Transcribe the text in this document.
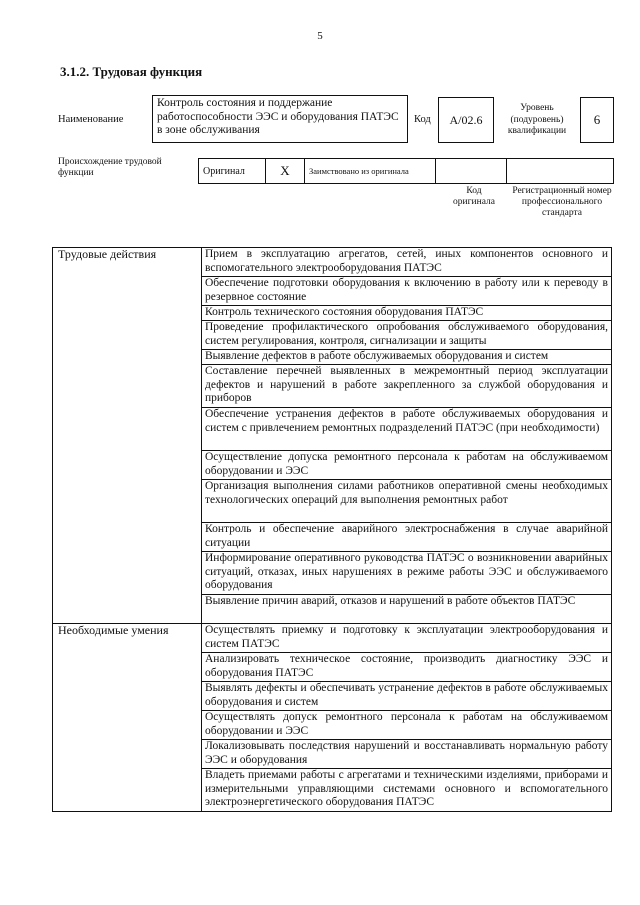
5
3.1.2. Трудовая функция
Наименование
Контроль состояния и поддержание работоспособности ЭЭС и оборудования ПАТЭС в зоне обслуживания
Код A/02.6
Уровень (подуровень) квалификации
6
Происхождение трудовой функции	Оригинал	X	Заимствовано из оригинала		
Код оригинала
Регистрационный номер профессионального стандарта
Трудовые действия	Прием в эксплуатацию агрегатов, сетей, иных компонентов основного и вспомогательного электрооборудования ПАТЭС
	Обеспечение подготовки оборудования к включению в работу или к переводу в резервное состояние
	Контроль технического состояния оборудования ПАТЭС
	Проведение профилактического опробования обслуживаемого оборудования, систем регулирования, контроля, сигнализации и защиты
	Выявление дефектов в работе обслуживаемых оборудования и систем
	Составление перечней выявленных в межремонтный период эксплуатации дефектов и нарушений в работе закрепленного за службой оборудования и приборов
	Обеспечение устранения дефектов в работе обслуживаемых оборудования и систем с привлечением ремонтных подразделений ПАТЭС (при необходимости)
	Осуществление допуска ремонтного персонала к работам на обслуживаемом оборудовании и ЭЭС
	Организация выполнения силами работников оперативной смены необходимых технологических операций для выполнения ремонтных работ
	Контроль и обеспечение аварийного электроснабжения в случае аварийной ситуации
	Информирование оперативного руководства ПАТЭС о возникновении аварийных ситуаций, отказах, иных нарушениях в режиме работы ЭЭС и обслуживаемого оборудования
	Выявление причин аварий, отказов и нарушений в работе объектов ПАТЭС
Необходимые умения	Осуществлять приемку и подготовку к эксплуатации электрооборудования и систем ПАТЭС
	Анализировать техническое состояние, производить диагностику ЭЭС и оборудования ПАТЭС
	Выявлять дефекты и обеспечивать устранение дефектов в работе обслуживаемых оборудования и систем
	Осуществлять допуск ремонтного персонала к работам на обслуживаемом оборудовании и ЭЭС
	Локализовывать последствия нарушений и восстанавливать нормальную работу ЭЭС и оборудования
	Владеть приемами работы с агрегатами и техническими изделиями, приборами и измерительными управляющими системами основного и вспомогательного электроэнергетического оборудования ПАТЭС
